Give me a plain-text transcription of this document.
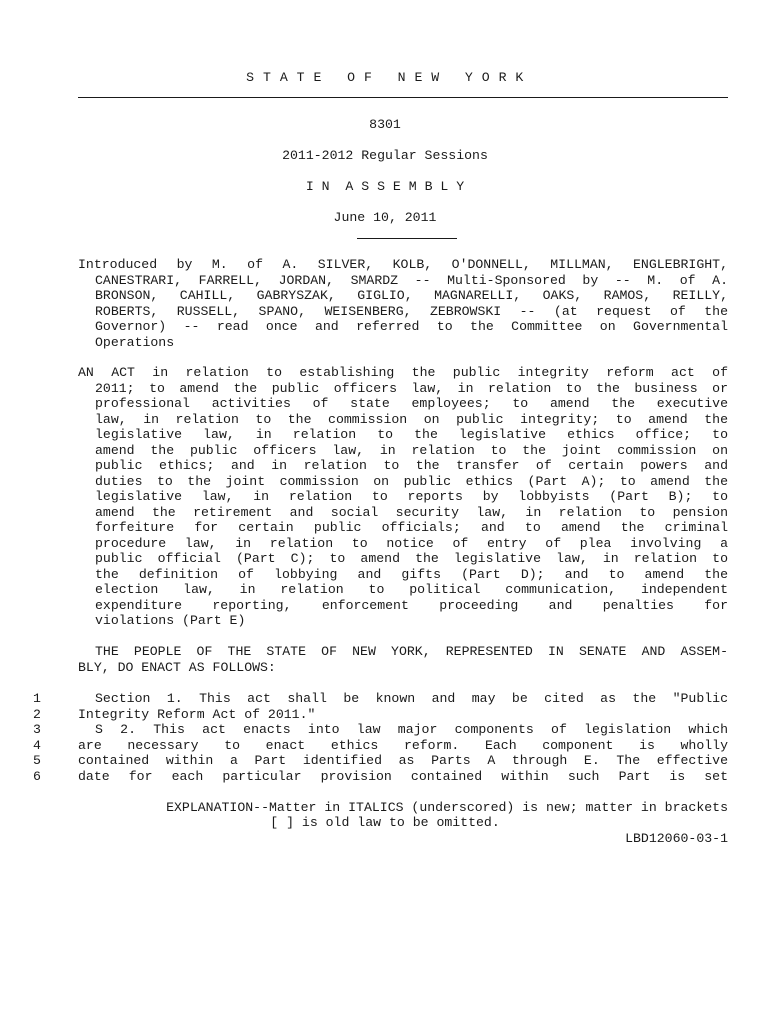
S T A T E   O F   N E W   Y O R K
8301
2011-2012 Regular Sessions
I N  A S S E M B L Y
June 10, 2011
Introduced by M. of A. SILVER, KOLB, O'DONNELL, MILLMAN, ENGLEBRIGHT,
CANESTRARI, FARRELL, JORDAN, SMARDZ -- Multi-Sponsored by -- M. of A.
BRONSON, CAHILL, GABRYSZAK, GIGLIO, MAGNARELLI, OAKS, RAMOS, REILLY,
ROBERTS, RUSSELL, SPANO, WEISENBERG, ZEBROWSKI -- (at request of the
Governor) -- read once and referred to the Committee on Governmental
Operations
AN ACT in relation to establishing the public integrity reform act of
2011; to amend the public officers law, in relation to the business or
professional activities of state employees; to amend the executive
law, in relation to the commission on public integrity; to amend the
legislative law, in relation to the legislative ethics office; to
amend the public officers law, in relation to the joint commission on
public ethics; and in relation to the transfer of certain powers and
duties to the joint commission on public ethics (Part A); to amend the
legislative law, in relation to reports by lobbyists (Part B); to
amend the retirement and social security law, in relation to pension
forfeiture for certain public officials; and to amend the criminal
procedure law, in relation to notice of entry of plea involving a
public official (Part C); to amend the legislative law, in relation to
the definition of lobbying and gifts (Part D); and to amend the
election law, in relation to political communication, independent
expenditure reporting, enforcement proceeding and penalties for
violations (Part E)
THE PEOPLE OF THE STATE OF NEW YORK, REPRESENTED IN SENATE AND ASSEM-
BLY, DO ENACT AS FOLLOWS:
1
2
3
4
5
6
Section 1. This act shall be known and may be cited as the "Public
Integrity Reform Act of 2011."
S 2. This act enacts into law major components of legislation which
are necessary to enact ethics reform. Each component is wholly
contained within a Part identified as Parts A through E. The effective
date for each particular provision contained within such Part is set
EXPLANATION--Matter in ITALICS (underscored) is new; matter in brackets
[ ] is old law to be omitted.
LBD12060-03-1
